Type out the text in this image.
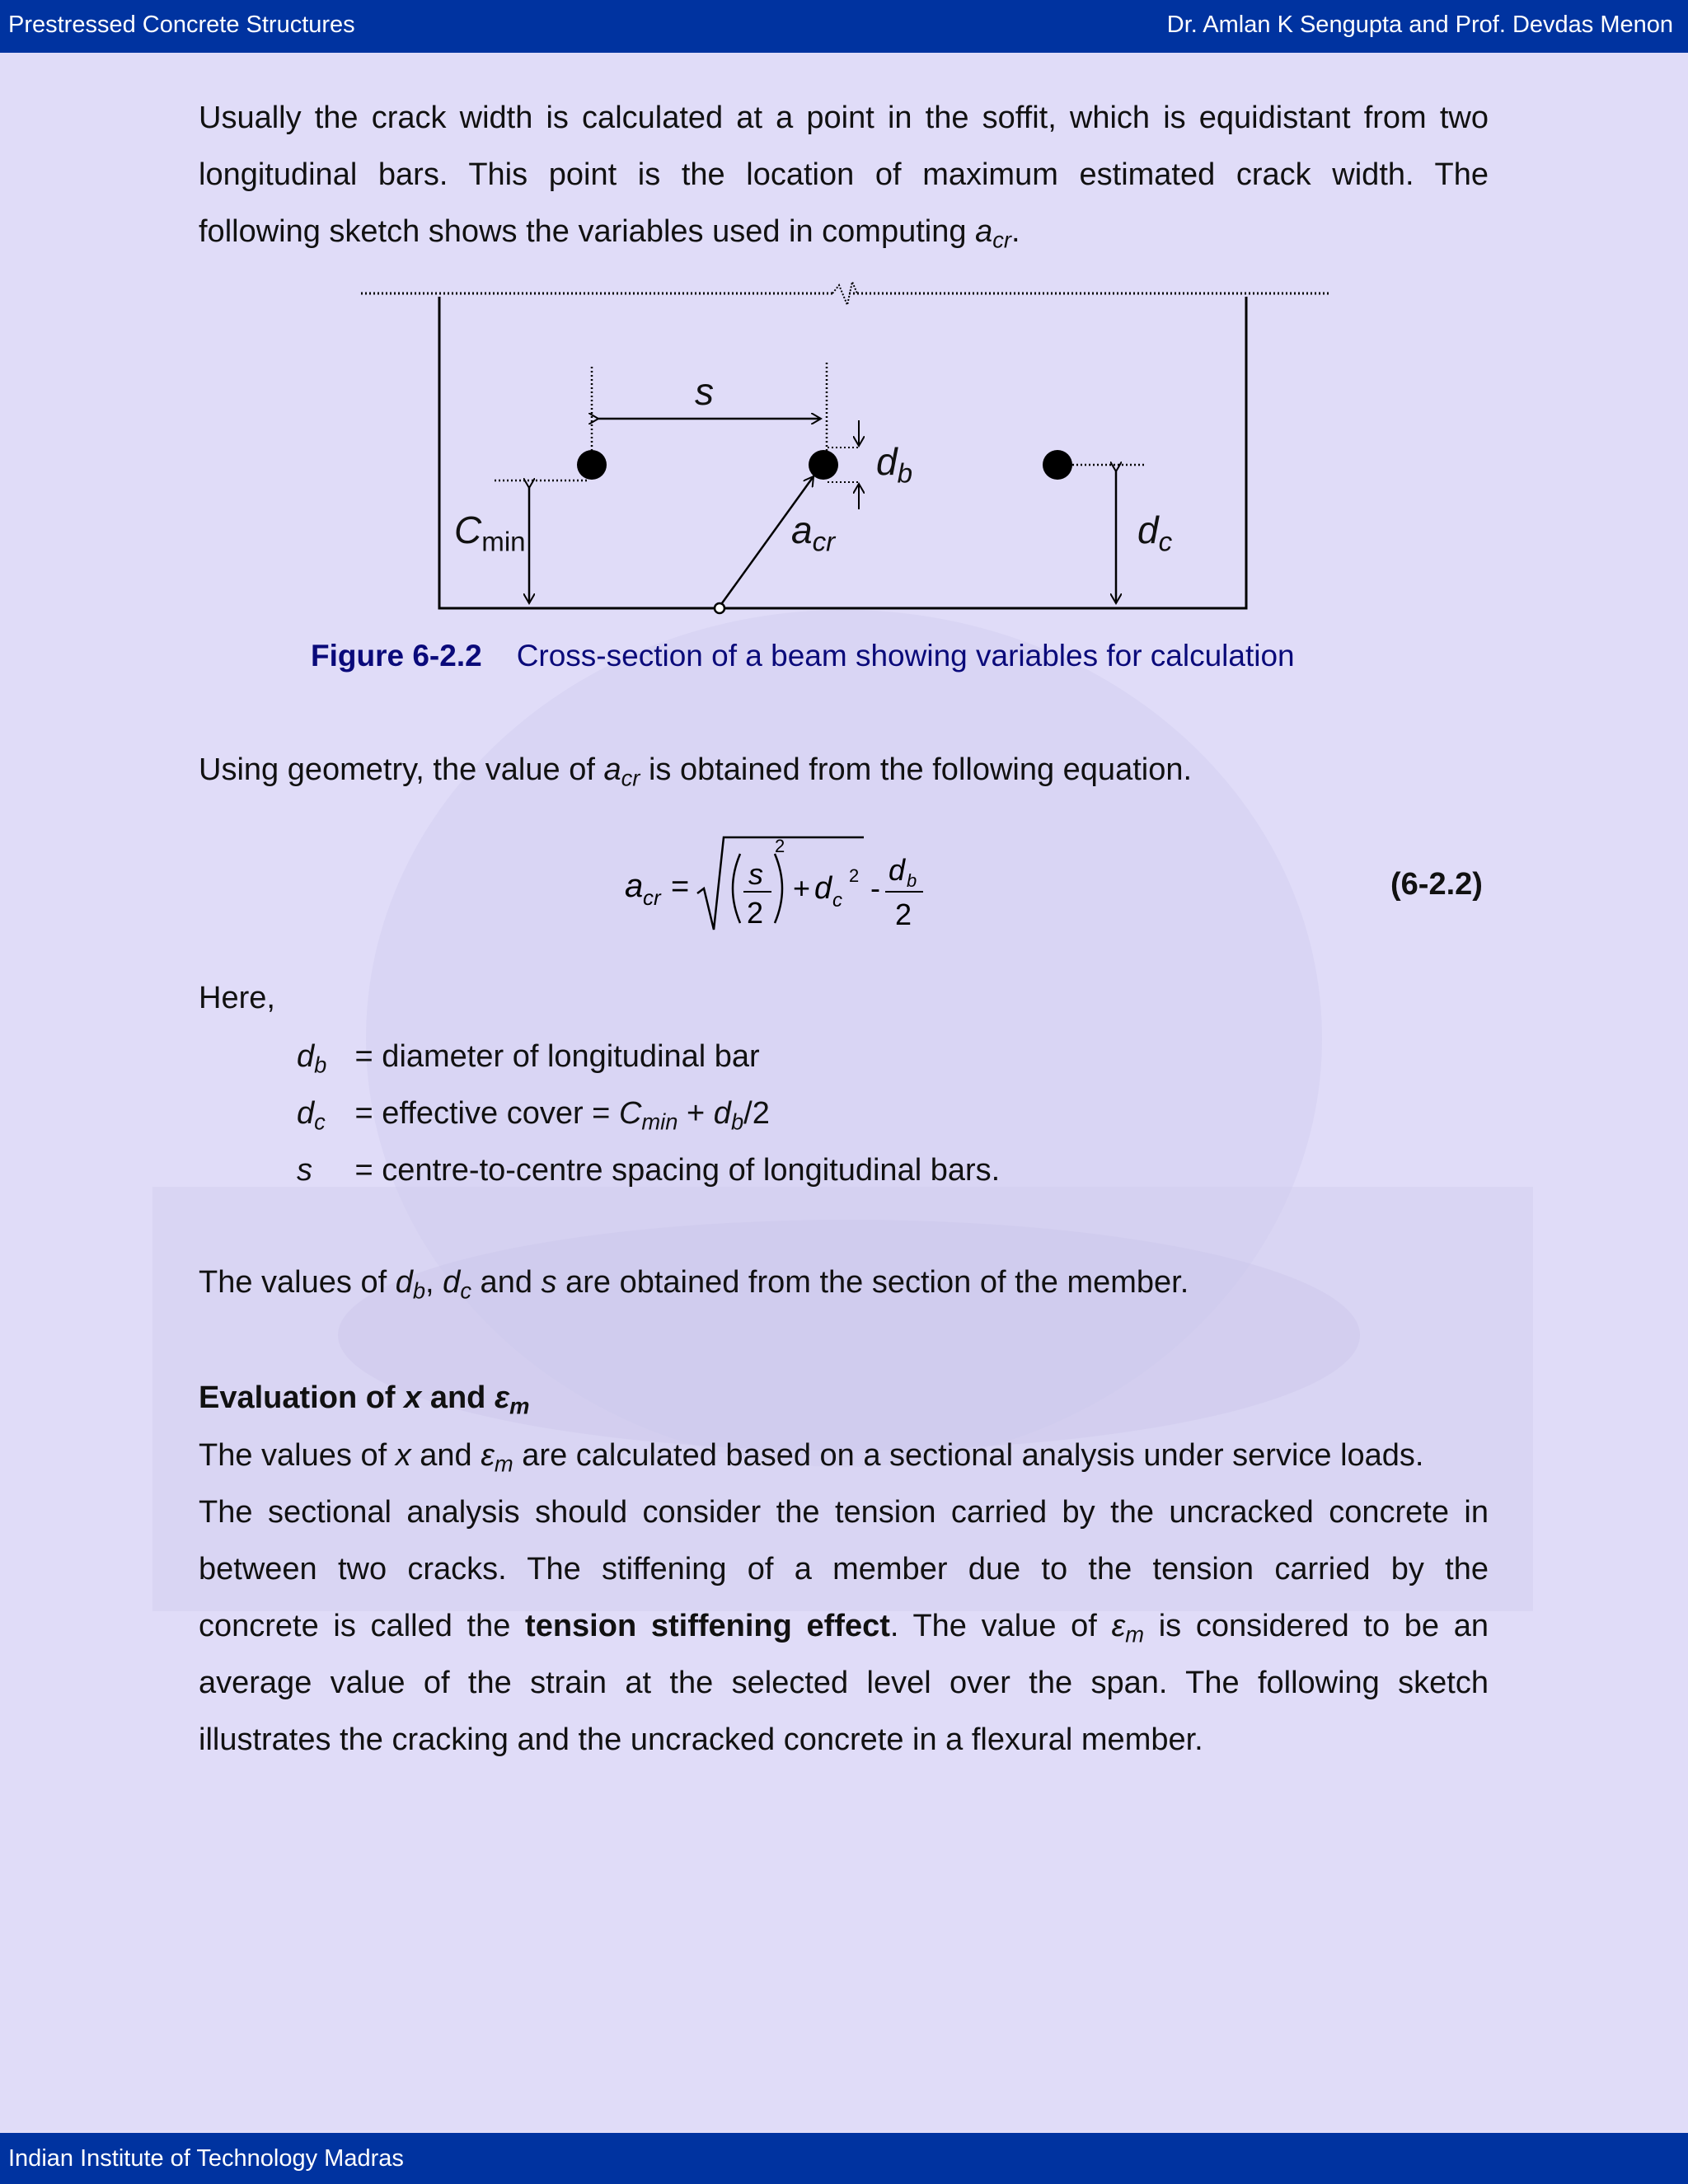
Prestressed Concrete Structures	Dr. Amlan K Sengupta and Prof. Devdas Menon
Usually the crack width is calculated at a point in the soffit, which is equidistant from two
longitudinal bars. This point is the location of maximum estimated crack width. The
following sketch shows the variables used in computing $a_{cr}$.
s
$d_b$
$C_{min}$	$a_{cr}$	$d_c$
Figure 6-2.2 Cross-section of a beam showing variables for calculation
Using geometry, the value of $a_{cr}$ is obtained from the following equation.
a cr = s
2
2
+ d c
2 -
d b
2
(6-2.2)
Here,
$d_b$ = diameter of longitudinal bar
$d_c$ = effective cover = $C_{min} + d_b/2$
s = centre-to-centre spacing of longitudinal bars.
The values of $d_b$, $d_c$ and s are obtained from the section of the member.
Evaluation of x and $\varepsilon_m$
The values of x and $\varepsilon_m$ are calculated based on a sectional analysis under service loads.
The sectional analysis should consider the tension carried by the uncracked concrete in
between two cracks. The stiffening of a member due to the tension carried by the
concrete is called the tension stiffening effect. The value of $\varepsilon_m$ is considered to be an
average value of the strain at the selected level over the span. The following sketch
illustrates the cracking and the uncracked concrete in a flexural member.
Indian Institute of Technology Madras
